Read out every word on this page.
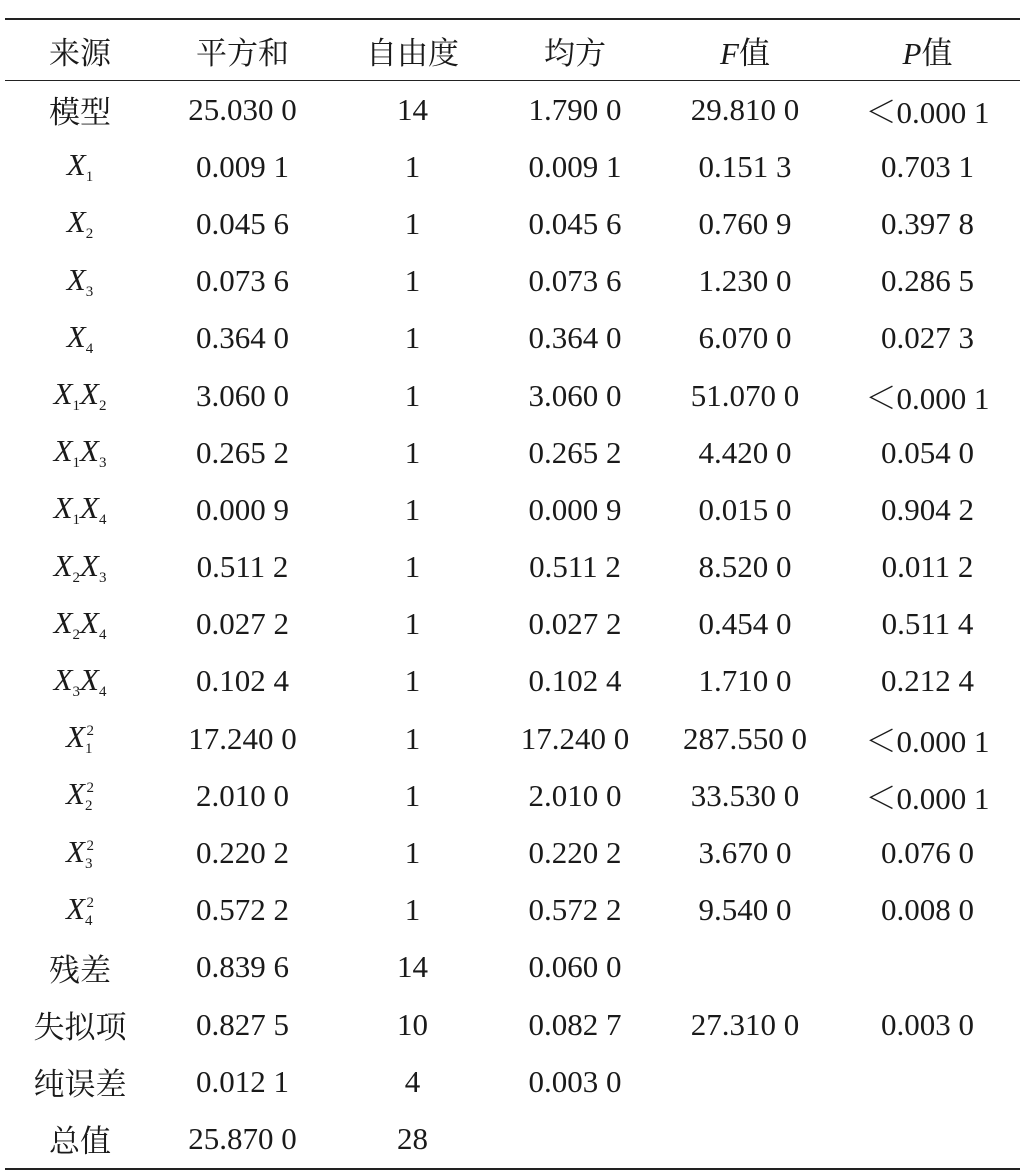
来源	平方和	自由度	均方	F值	P值
模型	25.030 0	14	1.790 0	29.810 0	＜0.000 1
$X_1$	0.009 1	1	0.009 1	0.151 3	0.703 1
$X_2$	0.045 6	1	0.045 6	0.760 9	0.397 8
$X_3$	0.073 6	1	0.073 6	1.230 0	0.286 5
$X_4$	0.364 0	1	0.364 0	6.070 0	0.027 3
$X_1X_2$	3.060 0	1	3.060 0	51.070 0	＜0.000 1
$X_1X_3$	0.265 2	1	0.265 2	4.420 0	0.054 0
$X_1X_4$	0.000 9	1	0.000 9	0.015 0	0.904 2
$X_2X_3$	0.511 2	1	0.511 2	8.520 0	0.011 2
$X_2X_4$	0.027 2	1	0.027 2	0.454 0	0.511 4
$X_3X_4$	0.102 4	1	0.102 4	1.710 0	0.212 4
$X_1^2$	17.240 0	1	17.240 0	287.550 0	＜0.000 1
$X_2^2$	2.010 0	1	2.010 0	33.530 0	＜0.000 1
$X_3^2$	0.220 2	1	0.220 2	3.670 0	0.076 0
$X_4^2$	0.572 2	1	0.572 2	9.540 0	0.008 0
残差	0.839 6	14	0.060 0		
失拟项	0.827 5	10	0.082 7	27.310 0	0.003 0
纯误差	0.012 1	4	0.003 0		
总值	25.870 0	28			
